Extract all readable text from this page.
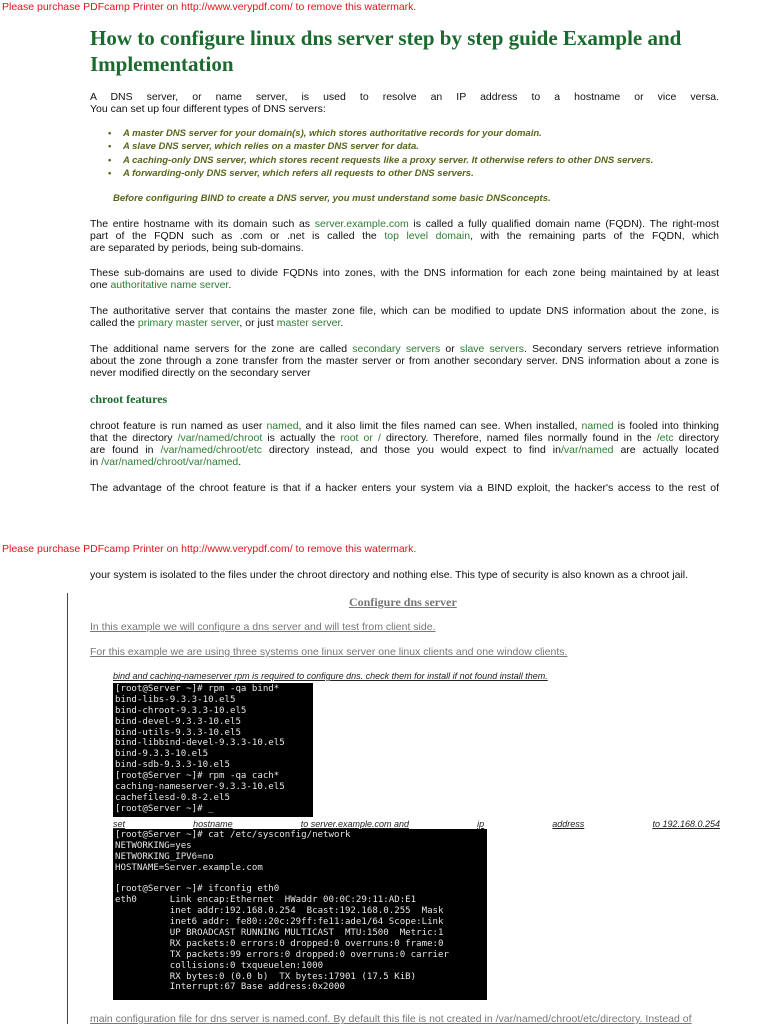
Please purchase PDFcamp Printer on http://www.verypdf.com/ to remove this watermark.
How to configure linux dns server step by step guide Example and Implementation
A DNS server, or name server, is used to resolve an IP address to a hostname or vice versa.
You can set up four different types of DNS servers:
• A master DNS server for your domain(s), which stores authoritative records for your domain.
• A slave DNS server, which relies on a master DNS server for data.
• A caching-only DNS server, which stores recent requests like a proxy server. It otherwise refers to other DNS servers.
• A forwarding-only DNS server, which refers all requests to other DNS servers.
Before configuring BIND to create a DNS server, you must understand some basic DNSconcepts.
The entire hostname with its domain such as server.example.com is called a fully qualified domain name (FQDN). The right-most
part of the FQDN such as .com or .net is called the top level domain, with the remaining parts of the FQDN, which
are separated by periods, being sub-domains.
These sub-domains are used to divide FQDNs into zones, with the DNS information for each zone being maintained by at least
one authoritative name server.
The authoritative server that contains the master zone file, which can be modified to update DNS information about the zone, is
called the primary master server, or just master server.
The additional name servers for the zone are called secondary servers or slave servers. Secondary servers retrieve information
about the zone through a zone transfer from the master server or from another secondary server. DNS information about a zone is
never modified directly on the secondary server
chroot features
chroot feature is run named as user named, and it also limit the files named can see. When installed, named is fooled into thinking
that the directory /var/named/chroot is actually the root or / directory. Therefore, named files normally found in the /etc directory
are found in /var/named/chroot/etc directory instead, and those you would expect to find in/var/named are actually located
in /var/named/chroot/var/named.
The advantage of the chroot feature is that if a hacker enters your system via a BIND exploit, the hacker's access to the rest of
Please purchase PDFcamp Printer on http://www.verypdf.com/ to remove this watermark.
your system is isolated to the files under the chroot directory and nothing else. This type of security is also known as a chroot jail.
Configure dns server
In this example we will configure a dns server and will test from client side.
For this example we are using three systems one linux server one linux clients and one window clients.
bind and caching-nameserver rpm is required to configure dns. check them for install if not found install them.
[root@Server ~]# rpm -qa bind*
bind-libs-9.3.3-10.el5
bind-chroot-9.3.3-10.el5
bind-devel-9.3.3-10.el5
bind-utils-9.3.3-10.el5
bind-libbind-devel-9.3.3-10.el5
bind-9.3.3-10.el5
bind-sdb-9.3.3-10.el5
[root@Server ~]# rpm -qa cach*
caching-nameserver-9.3.3-10.el5
cachefilesd-0.8-2.el5
[root@Server ~]# _
set	hostname	to server.example.com and	ip	address	to 192.168.0.254
[root@Server ~]# cat /etc/sysconfig/network
NETWORKING=yes
NETWORKING_IPV6=no
HOSTNAME=Server.example.com
[root@Server ~]# ifconfig eth0
eth0      Link encap:Ethernet  HWaddr 00:0C:29:11:AD:E1
inet addr:192.168.0.254  Bcast:192.168.0.255  Mask
inet6 addr: fe80::20c:29ff:fe11:ade1/64 Scope:Link
UP BROADCAST RUNNING MULTICAST  MTU:1500  Metric:1
RX packets:0 errors:0 dropped:0 overruns:0 frame:0
TX packets:99 errors:0 dropped:0 overruns:0 carrier
collisions:0 txqueuelen:1000
RX bytes:0 (0.0 b)  TX bytes:17901 (17.5 KiB)
Interrupt:67 Base address:0x2000
main configuration file for dns server is named.conf. By default this file is not created in /var/named/chroot/etc/directory. Instead of
